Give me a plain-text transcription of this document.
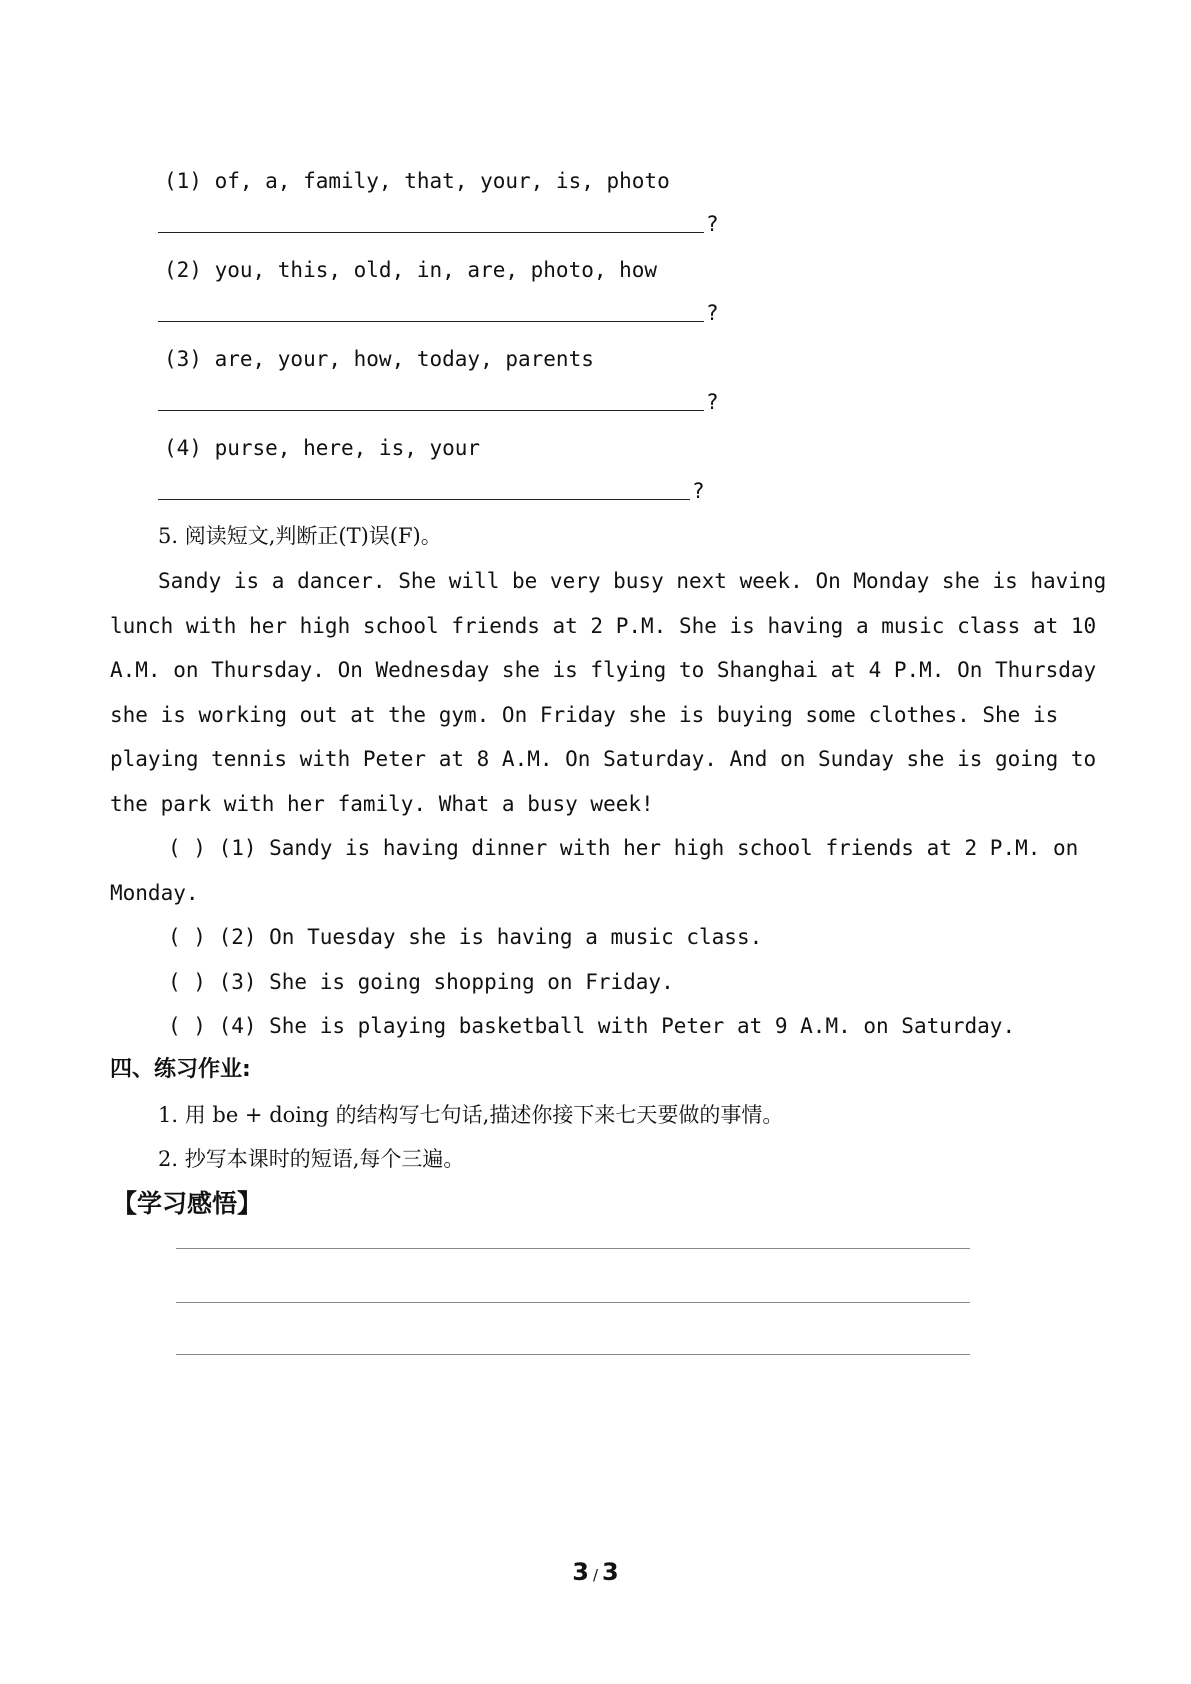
(1) of, a, family, that, your, is, photo
?
(2) you, this, old, in, are, photo, how
?
(3) are, your, how, today, parents
?
(4) purse, here, is, your
?
5. 阅读短文,判断正(T)误(F)。
Sandy is a dancer. She will be very busy next week. On Monday she is having
lunch with her high school friends at 2 P.M. She is having a music class at 10
A.M. on Thursday. On Wednesday she is flying to Shanghai at 4 P.M. On Thursday
she is working out at the gym. On Friday she is buying some clothes. She is
playing tennis with Peter at 8 A.M. On Saturday. And on Sunday she is going to
the park with her family. What a busy week!
( ) (1) Sandy is having dinner with her high school friends at 2 P.M. on
Monday.
( ) (2) On Tuesday she is having a music class.
( ) (3) She is going shopping on Friday.
( ) (4) She is playing basketball with Peter at 9 A.M. on Saturday.
四、练习作业:
1. 用 be + doing 的结构写七句话,描述你接下来七天要做的事情。
2. 抄写本课时的短语,每个三遍。
【学习感悟】
3 / 3
